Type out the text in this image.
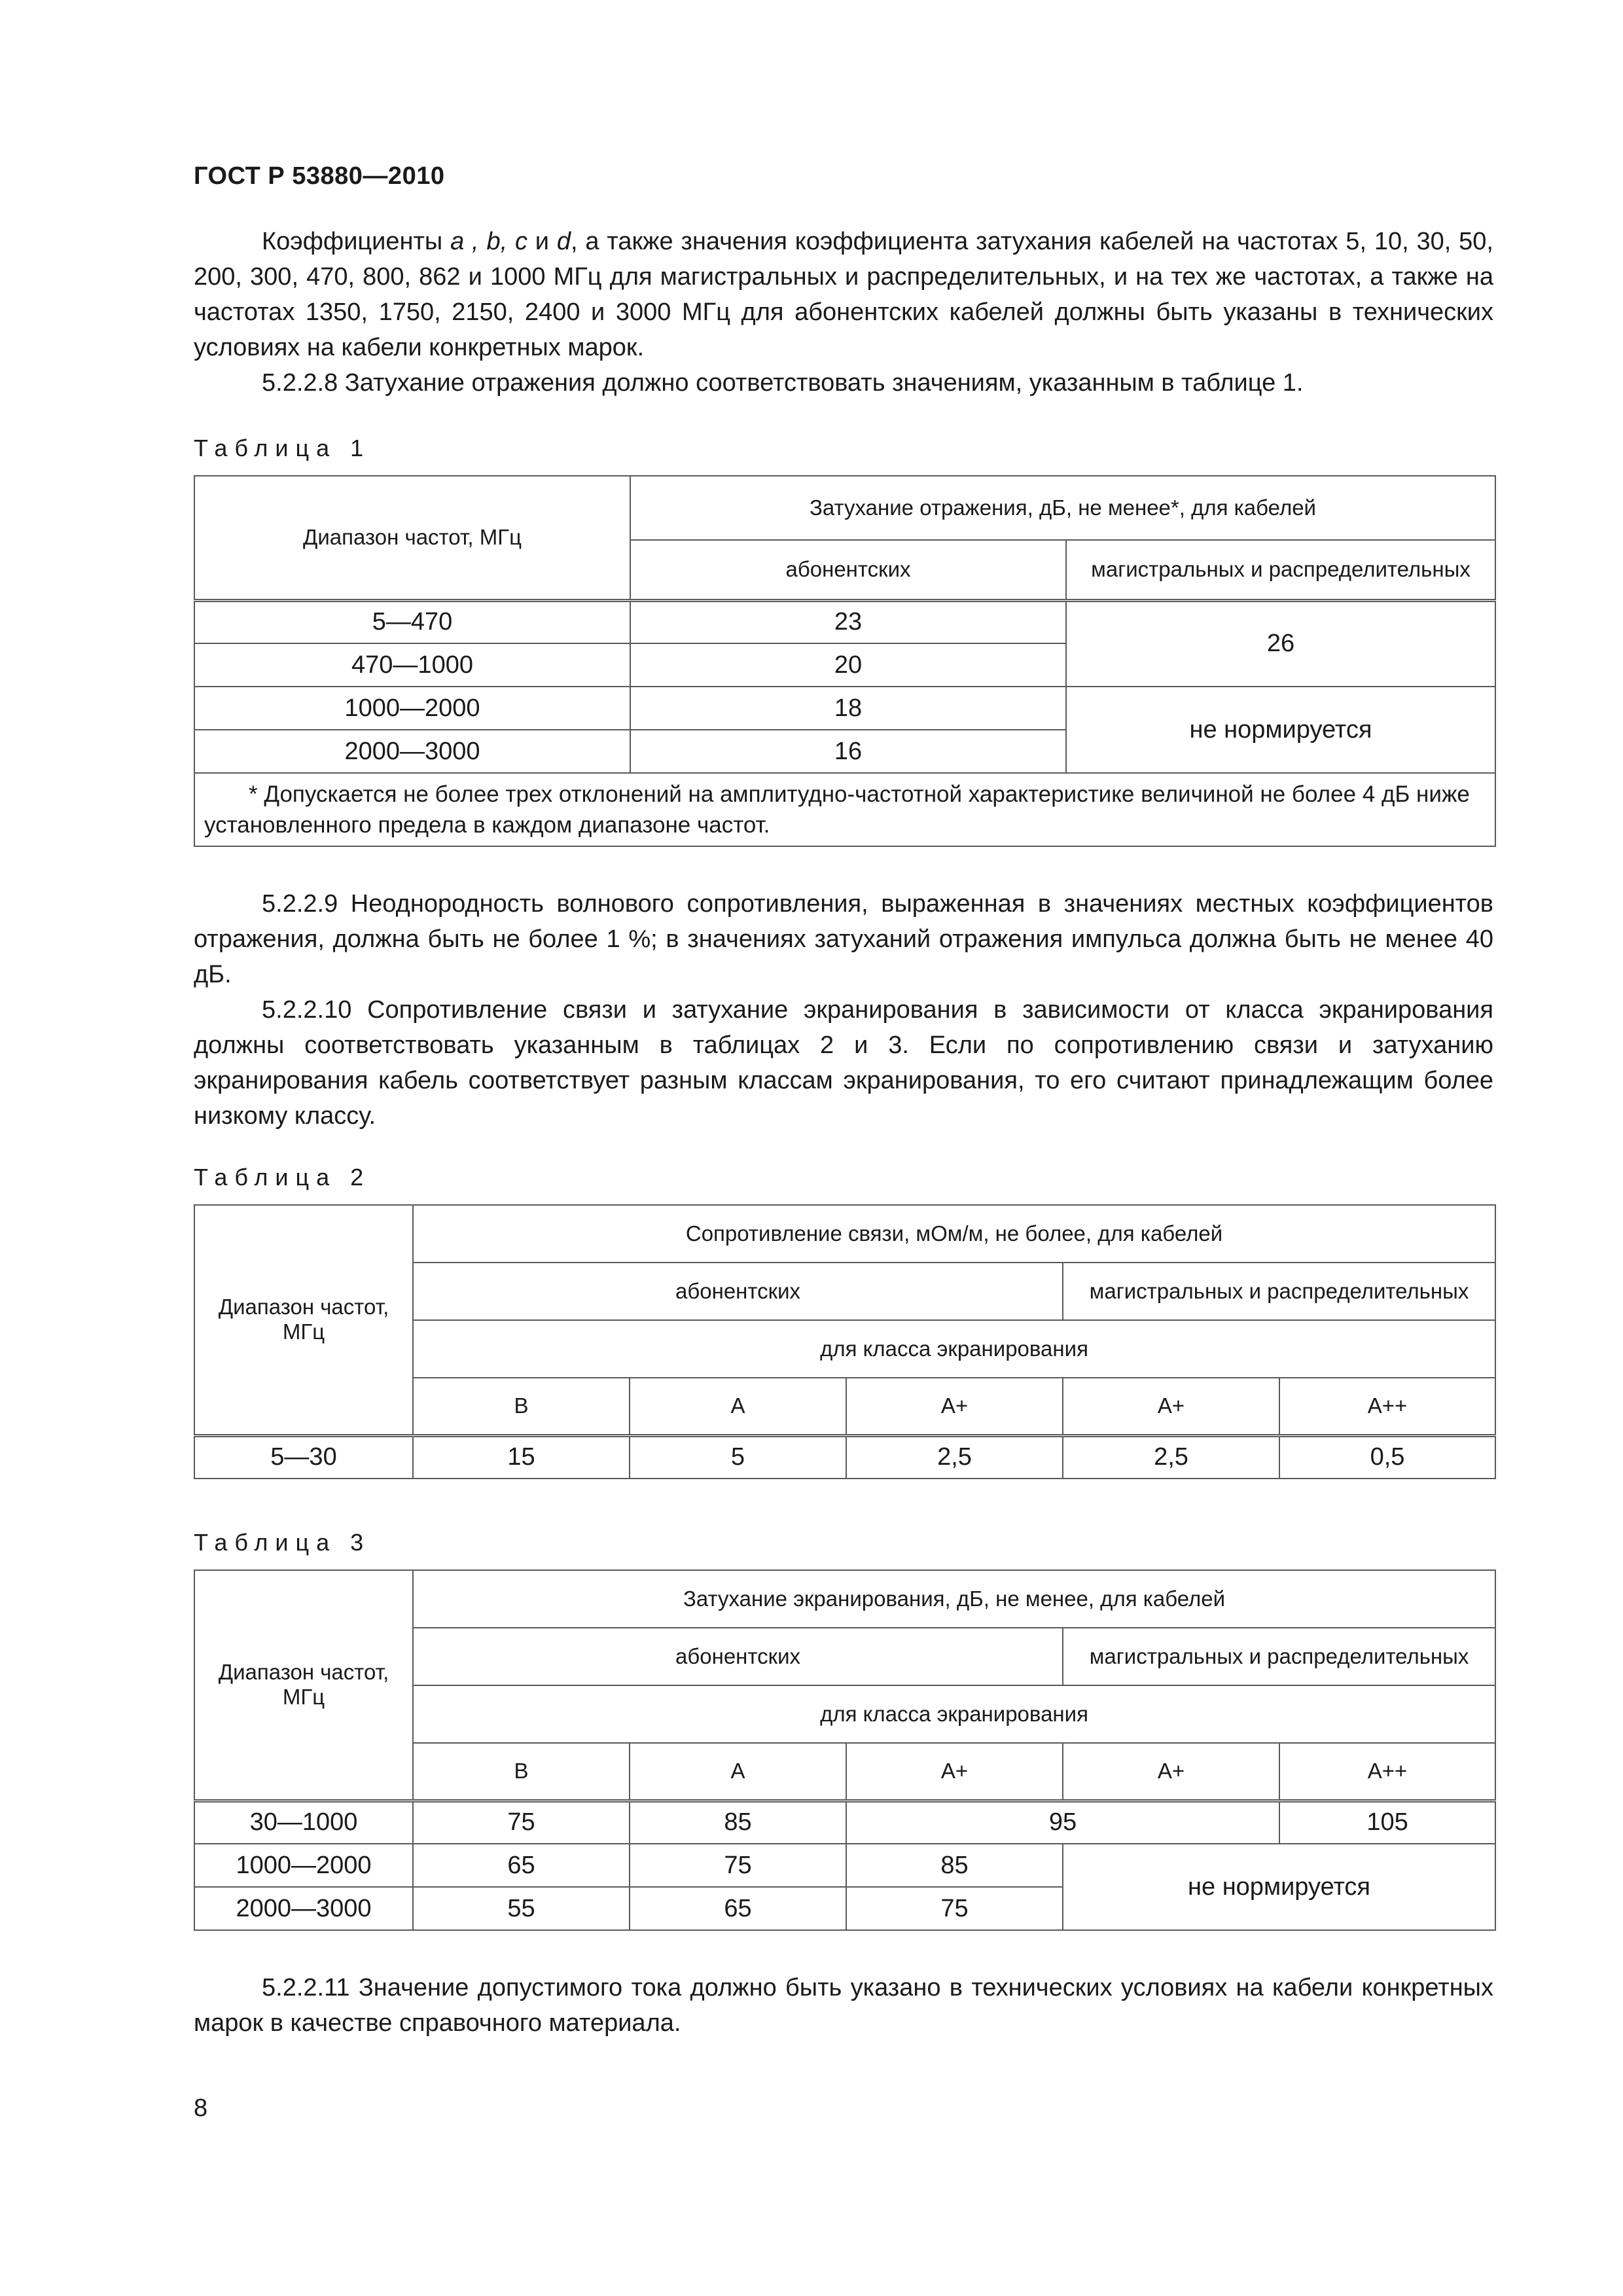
ГОСТ Р 53880—2010

Коэффициенты a , b, c и d, а также значения коэффициента затухания кабелей на частотах 5, 10, 30, 50, 200, 300, 470, 800, 862 и 1000 МГц для магистральных и распределительных, и на тех же частотах, а также на частотах 1350, 1750, 2150, 2400 и 3000 МГц для абонентских кабелей должны быть указаны в технических условиях на кабели конкретных марок.

5.2.2.8 Затухание отражения должно соответствовать значениям, указанным в таблице 1.

Таблица 1
Диапазон частот, МГц	Затухание отражения, дБ, не менее*, для кабелей	
	абонентских	магистральных и распределительных
5—470	23	26
470—1000	20	
1000—2000	18	не нормируется
2000—3000	16	
* Допускается не более трех отклонений на амплитудно-частотной характеристике величиной не более 4 дБ ниже установленного предела в каждом диапазоне частот.		

5.2.2.9 Неоднородность волнового сопротивления, выраженная в значениях местных коэффициентов отражения, должна быть не более 1 %; в значениях затуханий отражения импульса должна быть не менее 40 дБ.

5.2.2.10 Сопротивление связи и затухание экранирования в зависимости от класса экранирования должны соответствовать указанным в таблицах 2 и 3. Если по сопротивлению связи и затуханию экранирования кабель соответствует разным классам экранирования, то его считают принадлежащим более низкому классу.

Таблица 2
Диапазон частот, МГц	Сопротивление связи, мОм/м, не более, для кабелей				
	абонентских			магистральных и распределительных	
	для класса экранирования				
	B	A	A+	A+	A++
5—30	15	5	2,5	2,5	0,5
Таблица 3
Диапазон частот, МГц	Затухание экранирования, дБ, не менее, для кабелей				
	абонентских			магистральных и распределительных	
	для класса экранирования				
	B	A	A+	A+	A++
30—1000	75	85	95		105
1000—2000	65	75	85	не нормируется	
2000—3000	55	65	75		

5.2.2.11 Значение допустимого тока должно быть указано в технических условиях на кабели конкретных марок в качестве справочного материала.

8
